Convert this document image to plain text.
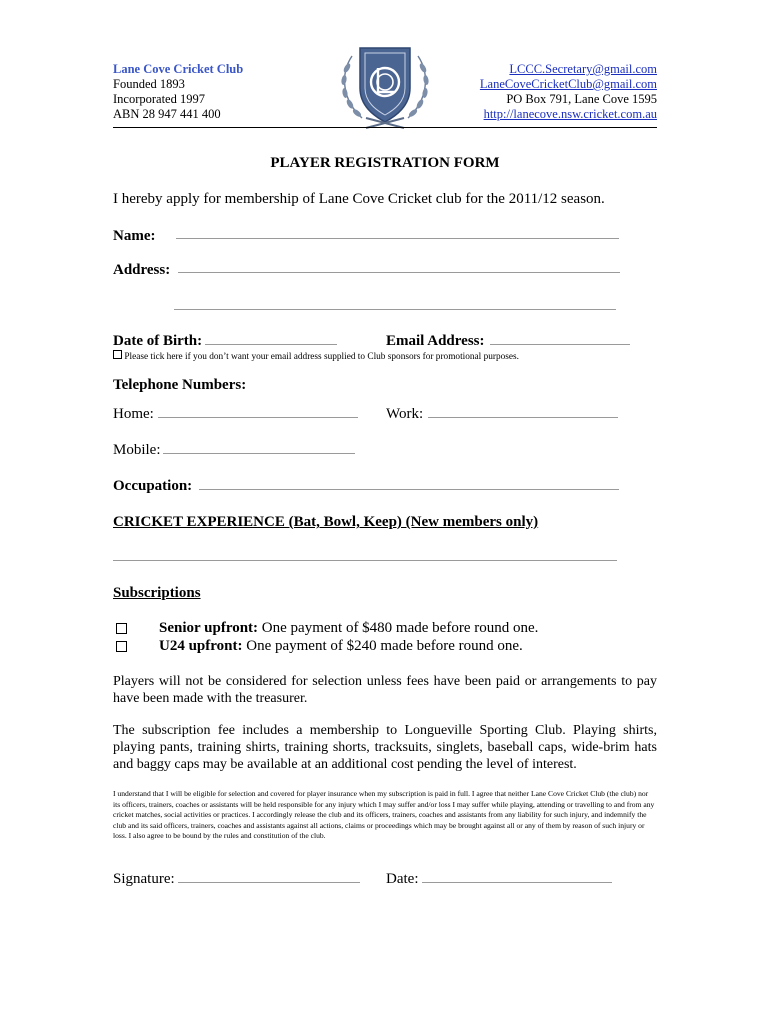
Lane Cove Cricket Club
Founded 1893
Incorporated 1997
ABN 28 947 441 400
LCCC.Secretary@gmail.com
LaneCoveCricketClub@gmail.com
PO Box 791, Lane Cove 1595
http://lanecove.nsw.cricket.com.au
PLAYER REGISTRATION FORM
I hereby apply for membership of Lane Cove Cricket club for the 2011/12 season.
Name:
Address:
Date of Birth:	Email Address:
Please tick here if you don’t want your email address supplied to Club sponsors for promotional purposes.
Telephone Numbers:
Home:	Work:
Mobile:
Occupation:
CRICKET EXPERIENCE (Bat, Bowl, Keep) (New members only)
Subscriptions
Senior upfront: One payment of $480 made before round one.
U24 upfront: One payment of $240 made before round one.
Players will not be considered for selection unless fees have been paid or arrangements to pay have been made with the treasurer.
The subscription fee includes a membership to Longueville Sporting Club. Playing shirts, playing pants, training shirts, training shorts, tracksuits, singlets, baseball caps, wide-brim hats and baggy caps may be available at an additional cost pending the level of interest.
I understand that I will be eligible for selection and covered for player insurance when my subscription is paid in full. I agree that neither Lane Cove Cricket Club (the club) nor its officers, trainers, coaches or assistants will be held responsible for any injury which I may suffer and/or loss I may suffer while playing, attending or travelling to and from any cricket matches, social activities or practices. I accordingly release the club and its officers, trainers, coaches and assistants from any liability for such injury, and indemnify the club and its said officers, trainers, coaches and assistants against all actions, claims or proceedings which may be brought against all or any of them by reason of such injury or loss. I also agree to be bound by the rules and constitution of the club.
Signature:	Date:
